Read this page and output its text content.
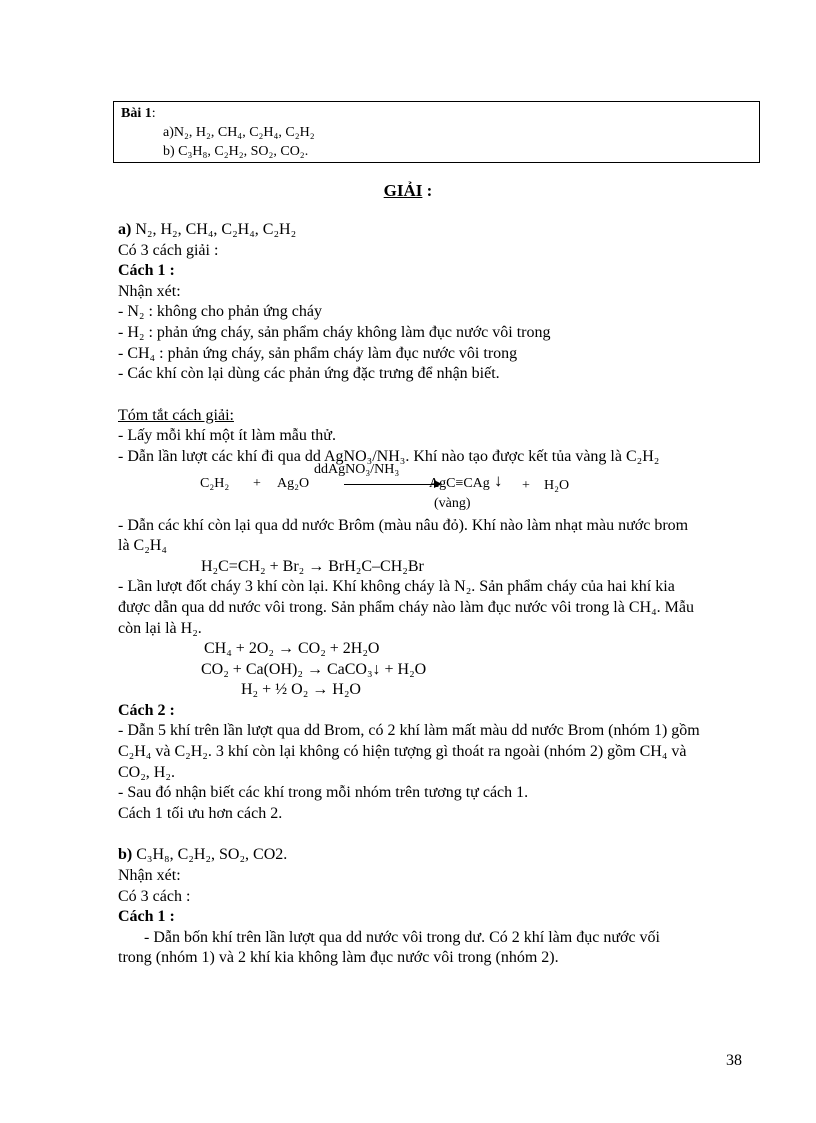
Bài 1:
a)N₂, H₂, CH₄, C₂H₄, C₂H₂
b) C₃H₈, C₂H₂, SO₂, CO₂.
GIẢI :
a) N₂, H₂, CH₄, C₂H₄, C₂H₂
Có 3 cách giải :
Cách 1 :
Nhận xét:
- N₂ : không cho phản ứng cháy
- H₂ : phản ứng cháy, sản phẩm cháy không làm đục nước vôi trong
- CH₄ : phản ứng cháy, sản phẩm cháy làm đục nước vôi trong
- Các khí còn lại dùng các phản ứng đặc trưng để nhận biết.
Tóm tắt cách giải:
- Lấy mỗi khí một ít làm mẫu thử.
- Dẫn lần lượt các khí đi qua dd AgNO₃/NH₃. Khí nào tạo được kết tủa vàng là C₂H₂
C₂H₂ + Ag₂O
ddAgNO₃/NH₃
AgC≡CAg ↓ + H₂O
(vàng)
- Dẫn các khí còn lại qua dd nước Brôm (màu nâu đỏ). Khí nào làm nhạt màu nước brom
là C₂H₄
H₂C=CH₂ + Br₂ → BrH₂C–CH₂Br
- Lần lượt đốt cháy 3 khí còn lại. Khí không cháy là N₂. Sản phẩm cháy của hai khí kia
được dẫn qua dd nước vôi trong. Sản phẩm cháy nào làm đục nước vôi trong là CH₄. Mẫu
còn lại là H₂.
CH₄ + 2O₂ → CO₂ + 2H₂O
CO₂ + Ca(OH)₂ → CaCO₃↓ + H₂O
H₂ + ½ O₂ → H₂O
Cách 2 :
- Dẫn 5 khí trên lần lượt qua dd Brom, có 2 khí làm mất màu dd nước Brom (nhóm 1) gồm
C₂H₄ và C₂H₂. 3 khí còn lại không có hiện tượng gì thoát ra ngoài (nhóm 2) gồm CH₄ và
CO₂, H₂.
- Sau đó nhận biết các khí trong mỗi nhóm trên tương tự cách 1.
Cách 1 tối ưu hơn cách 2.
b) C₃H₈, C₂H₂, SO₂, CO2.
Nhận xét:
Có 3 cách :
Cách 1 :
- Dẫn bốn khí trên lần lượt qua dd nước vôi trong dư. Có 2 khí làm đục nước vối
trong (nhóm 1) và 2 khí kia không làm đục nước vôi trong (nhóm 2).
38
